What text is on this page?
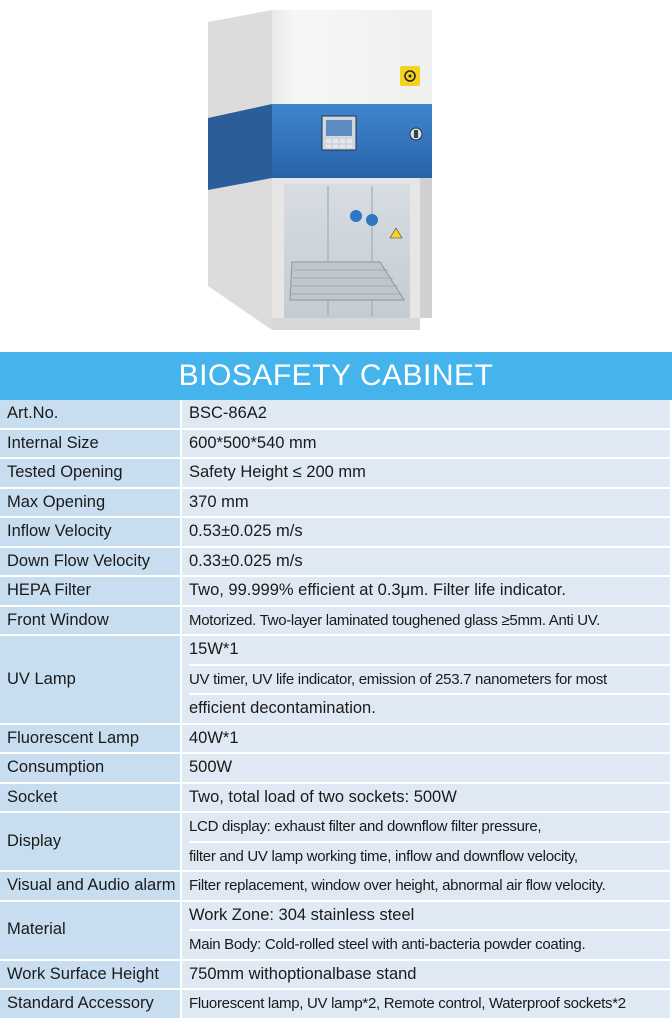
BIOSAFETY CABINET
Art.No.	BSC-86A2

Internal Size	600*500*540 mm

Tested Opening	Safety Height ≤ 200 mm

Max Opening	370 mm

Inflow Velocity	0.53±0.025 m/s

Down Flow Velocity	0.33±0.025 m/s

HEPA Filter	Two, 99.999% efficient at 0.3μm. Filter life indicator.

Front Window	Motorized. Two-layer laminated toughened glass ≥5mm. Anti UV.

UV Lamp	15W*1
UV timer, UV life indicator, emission of 253.7 nanometers for most
efficient decontamination.

Fluorescent Lamp	40W*1

Consumption	500W

Socket	Two, total load of two sockets: 500W

Display	LCD display: exhaust filter and downflow filter pressure,
filter and UV lamp working time, inflow and downflow velocity,

Visual and Audio alarm	Filter replacement, window over height, abnormal air flow velocity.

Material	Work Zone: 304 stainless steel
Main Body: Cold-rolled steel with anti-bacteria powder coating.

Work Surface Height	750mm withoptionalbase stand

Standard Accessory	Fluorescent lamp, UV lamp*2, Remote control, Waterproof sockets*2
